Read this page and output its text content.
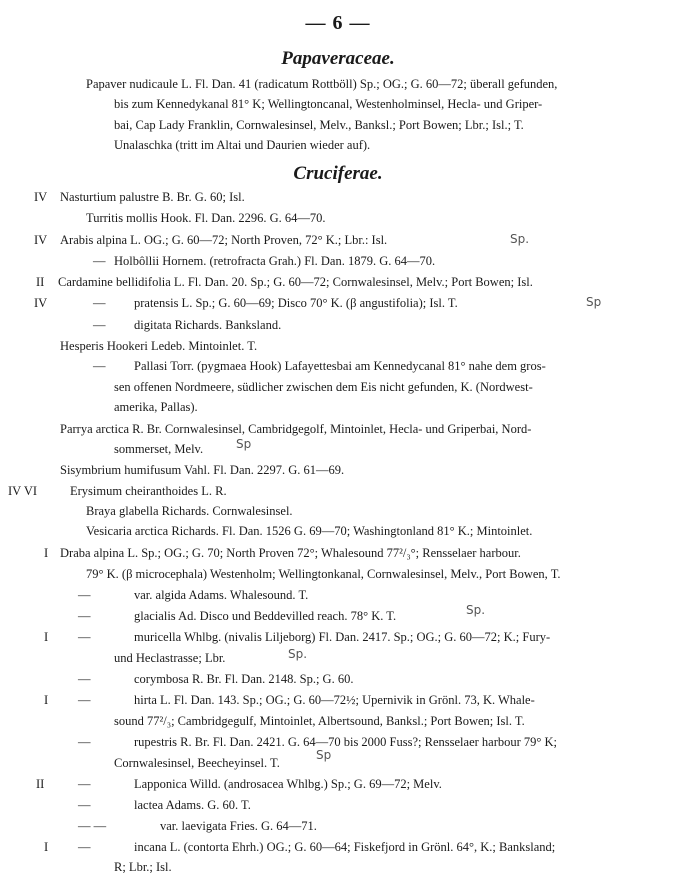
— 6 —
Papaveraceae.
Papaver nudicaule L. Fl. Dan. 41 (radicatum Rottböll) Sp.; OG.; G. 60—72; überall gefunden,
bis zum Kennedykanal 81° K; Wellingtoncanal, Westenholminsel, Hecla- und Griper-
bai, Cap Lady Franklin, Cornwalesinsel, Melv., Banksl.; Port Bowen; Lbr.; Isl.; T.
Unalaschka (tritt im Altai und Daurien wieder auf).
Cruciferae.
IV	Nasturtium palustre B. Br. G. 60; Isl.
Turritis mollis Hook. Fl. Dan. 2296. G. 64—70.
IV	Arabis alpina L. OG.; G. 60—72; North Proven, 72° K.; Lbr.: Isl.
— Holbôllii Hornem. (retrofracta Grah.) Fl. Dan. 1879. G. 64—70.
II	Cardamine bellidifolia L. Fl. Dan. 20. Sp.; G. 60—72; Cornwalesinsel, Melv.; Port Bowen; Isl.
IV	— pratensis L. Sp.; G. 60—69; Disco 70° K. (β angustifolia); Isl. T.
— digitata Richards. Banksland.
Hesperis Hookeri Ledeb. Mintoinlet. T.
— Pallasi Torr. (pygmaea Hook) Lafayettesbai am Kennedycanal 81° nahe dem gros-
sen offenen Nordmeere, südlicher zwischen dem Eis nicht gefunden, K. (Nordwest-
amerika, Pallas).
Parrya arctica R. Br. Cornwalesinsel, Cambridgegolf, Mintoinlet, Hecla- und Griperbai, Nord-
sommerset, Melv.
Sisymbrium humifusum Vahl. Fl. Dan. 2297. G. 61—69.
IV VI	Erysimum cheiranthoides L. R.
Braya glabella Richards. Cornwalesinsel.
Vesicaria arctica Richards. Fl. Dan. 1526 G. 69—70; Washingtonland 81° K.; Mintoinlet.
I Draba alpina L. Sp.; OG.; G. 70; North Proven 72°; Whalesound 77²/₃°; Rensselaer harbour.
79° K. (β microcephala) Westenholm; Wellingtonkanal, Cornwalesinsel, Melv., Port Bowen, T.
—	var. algida Adams. Whalesound. T.
—	glacialis Ad. Disco und Beddevilled reach. 78° K. T.
I	—	muricella Whlbg. (nivalis Liljeborg) Fl. Dan. 2417. Sp.; OG.; G. 60—72; K.; Fury-
und Heclastrasse; Lbr.
—	corymbosa R. Br. Fl. Dan. 2148. Sp.; G. 60.
I	—	hirta L. Fl. Dan. 143. Sp.; OG.; G. 60—72½; Upernivik in Grönl. 73, K. Whale-
sound 77²/₃; Cambridgegulf, Mintoinlet, Albertsound, Banksl.; Port Bowen; Isl. T.
—	rupestris R. Br. Fl. Dan. 2421. G. 64—70 bis 2000 Fuss?; Rensselaer harbour 79° K;
Cornwalesinsel, Beecheyinsel. T.
II	—	Lapponica Willd. (androsacea Whlbg.) Sp.; G. 69—72; Melv.
—	lactea Adams. G. 60. T.
— —	var. laevigata Fries. G. 64—71.
I	—	incana L. (contorta Ehrh.) OG.; G. 60—64; Fiskefjord in Grönl. 64°, K.; Banksland;
R; Lbr.; Isl.
Sp.
Sp
Sp
Sp.
Sp.
Sp
